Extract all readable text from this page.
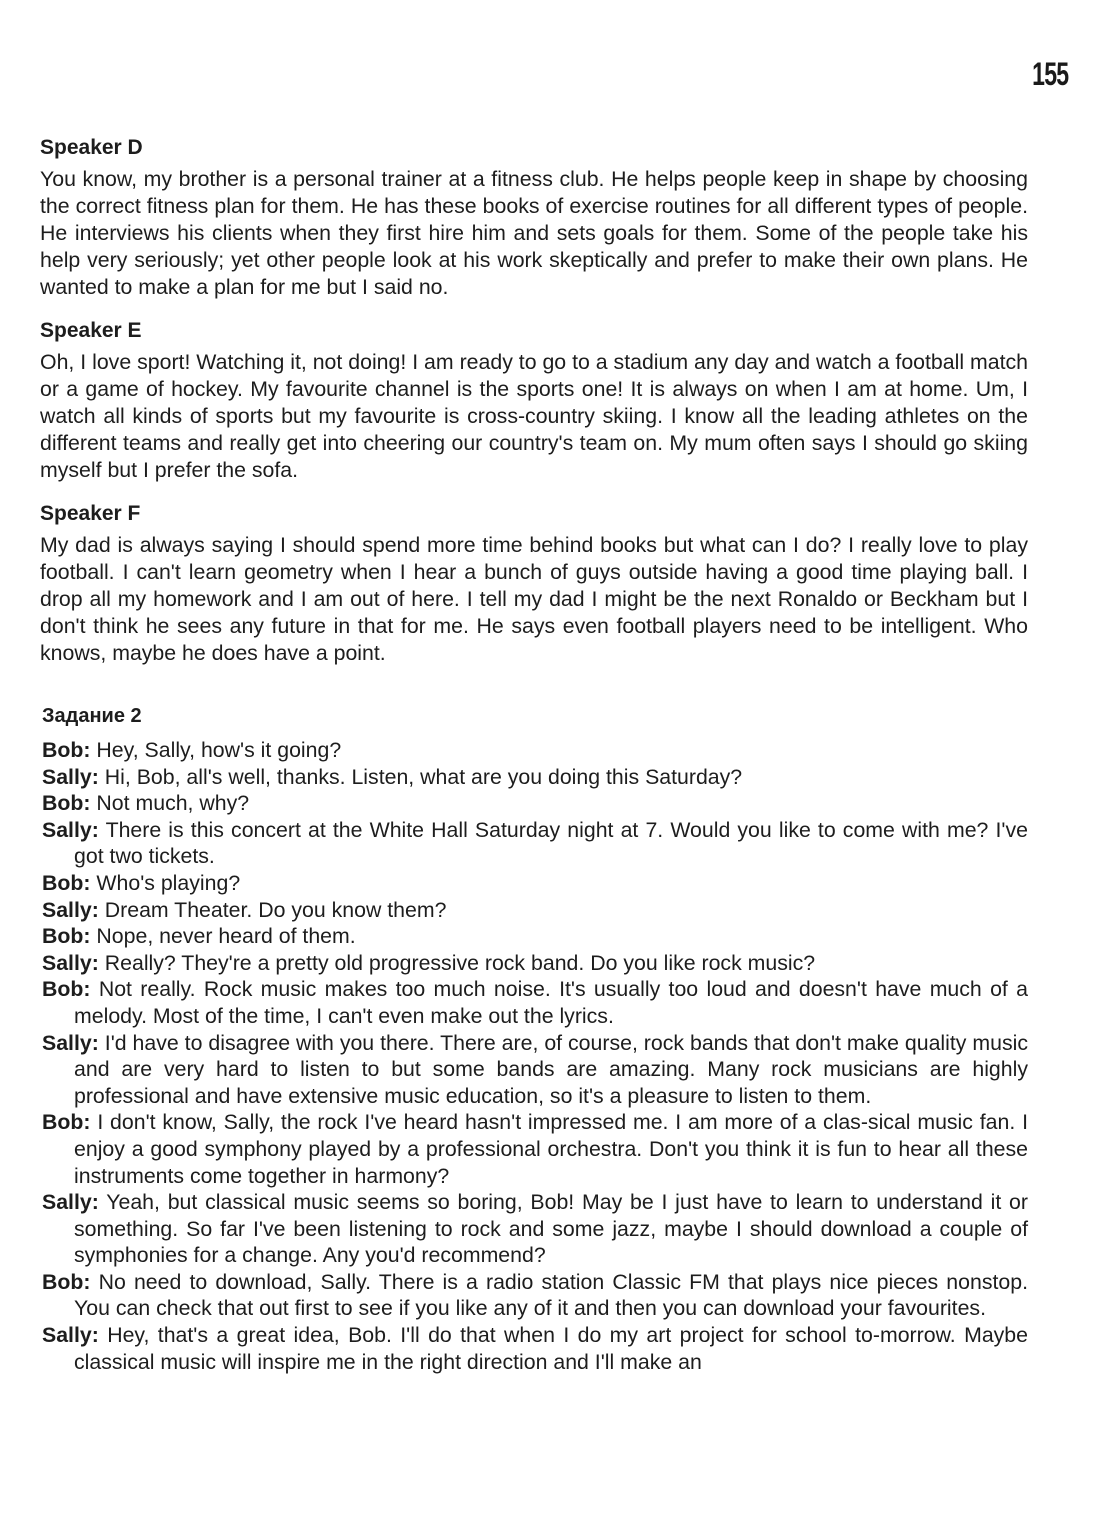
155

Speaker D

You know, my brother is a personal trainer at a fitness club. He helps people keep in shape by choosing the correct fitness plan for them. He has these books of exercise routines for all different types of people. He interviews his clients when they first hire him and sets goals for them. Some of the people take his help very seriously; yet other people look at his work skeptically and prefer to make their own plans. He wanted to make a plan for me but I said no.

Speaker E

Oh, I love sport! Watching it, not doing! I am ready to go to a stadium any day and watch a football match or a game of hockey. My favourite channel is the sports one! It is always on when I am at home. Um, I watch all kinds of sports but my favourite is cross-country skiing. I know all the leading athletes on the different teams and really get into cheering our country's team on. My mum often says I should go skiing myself but I prefer the sofa.

Speaker F

My dad is always saying I should spend more time behind books but what can I do? I really love to play football. I can't learn geometry when I hear a bunch of guys outside having a good time playing ball. I drop all my homework and I am out of here. I tell my dad I might be the next Ronaldo or Beckham but I don't think he sees any future in that for me. He says even football players need to be intelligent. Who knows, maybe he does have a point.

Задание 2
Bob : Hey, Sally, how's it going?
Sally : Hi, Bob, all's well, thanks. Listen, what are you doing this Saturday?
Bob : Not much, why?
Sally : There is this concert at the White Hall Saturday night at 7. Would you like to come with me? I've got two tickets.
Bob : Who's playing?
Sally : Dream Theater. Do you know them?
Bob : Nope, never heard of them.
Sally : Really? They're a pretty old progressive rock band. Do you like rock music?
Bob : Not really. Rock music makes too much noise. It's usually too loud and doesn't have much of a melody. Most of the time, I can't even make out the lyrics.
Sally : I'd have to disagree with you there. There are, of course, rock bands that don't make quality music and are very hard to listen to but some bands are amazing. Many rock musicians are highly professional and have extensive music education, so it's a pleasure to listen to them.
Bob : I don't know, Sally, the rock I've heard hasn't impressed me. I am more of a clas-sical music fan. I enjoy a good symphony played by a professional orchestra. Don't you think it is fun to hear all these instruments come together in harmony?
Sally : Yeah, but classical music seems so boring, Bob! May be I just have to learn to understand it or something. So far I've been listening to rock and some jazz, maybe I should download a couple of symphonies for a change. Any you'd recommend?
Bob : No need to download, Sally. There is a radio station Classic FM that plays nice pieces nonstop. You can check that out first to see if you like any of it and then you can download your favourites.
Sally : Hey, that's a great idea, Bob. I'll do that when I do my art project for school to-morrow. Maybe classical music will inspire me in the right direction and I'll make an
